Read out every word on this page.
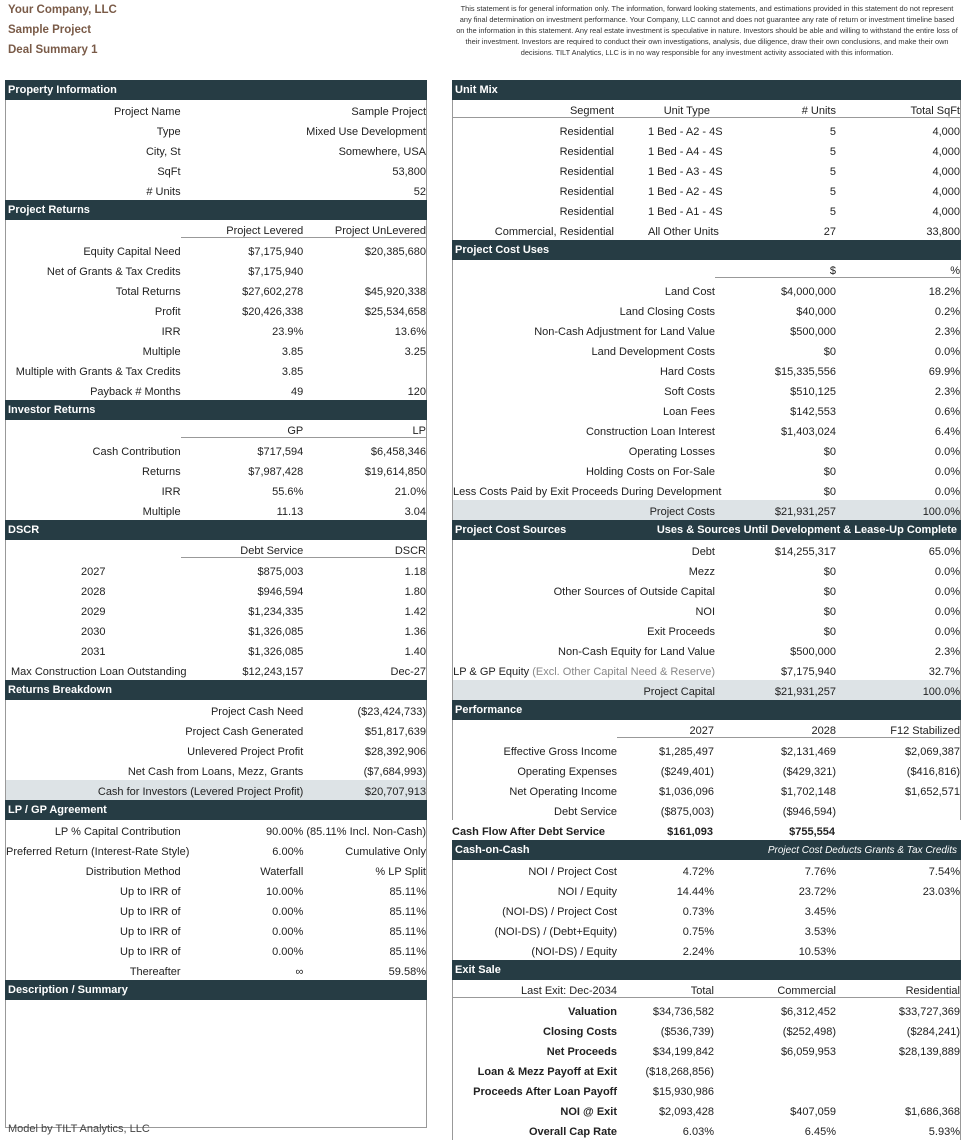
Your Company, LLC
Sample Project
Deal Summary 1
This statement is for general information only. The information, forward looking statements, and estimations provided in this statement do not represent any final determination on investment performance. Your Company, LLC cannot and does not guarantee any rate of return or investment timeline based on the information in this statement. Any real estate investment is speculative in nature. Investors should be able and willing to withstand the entire loss of their investment. Investors are required to conduct their own investigations, analysis, due diligence, draw their own conclusions, and make their own decisions. TILT Analytics, LLC is in no way responsible for any investment activity associated with this information.
Property Information
Project Name	Sample Project
Type	Mixed Use Development
City, St	Somewhere, USA
SqFt	53,800
# Units	52
Project Returns
Project Levered	Project UnLevered
Equity Capital Need	$7,175,940	$20,385,680
Net of Grants & Tax Credits	$7,175,940
Total Returns	$27,602,278	$45,920,338
Profit	$20,426,338	$25,534,658
IRR	23.9%	13.6%
Multiple	3.85	3.25
Multiple with Grants & Tax Credits	3.85
Payback # Months	49	120
Investor Returns
GP	LP
Cash Contribution	$717,594	$6,458,346
Returns	$7,987,428	$19,614,850
IRR	55.6%	21.0%
Multiple	11.13	3.04
DSCR
Debt Service	DSCR
2027	$875,003	1.18
2028	$946,594	1.80
2029	$1,234,335	1.42
2030	$1,326,085	1.36
2031	$1,326,085	1.40
Max Construction Loan Outstanding	$12,243,157	Dec-27
Returns Breakdown
Project Cash Need	($23,424,733)
Project Cash Generated	$51,817,639
Unlevered Project Profit	$28,392,906
Net Cash from Loans, Mezz, Grants	($7,684,993)
Cash for Investors (Levered Project Profit)	$20,707,913
LP / GP Agreement
LP % Capital Contribution	90.00% (85.11% Incl. Non-Cash)
Preferred Return (Interest-Rate Style)	6.00%	Cumulative Only
Distribution Method	Waterfall	% LP Split
Up to IRR of	10.00%	85.11%
Up to IRR of	0.00%	85.11%
Up to IRR of	0.00%	85.11%
Up to IRR of	0.00%	85.11%
Thereafter	∞	59.58%
Description / Summary
Model by TILT Analytics, LLC
Unit Mix
Segment	Unit Type	# Units	Total SqFt
Residential	1 Bed - A2 - 4S	5	4,000
Residential	1 Bed - A4 - 4S	5	4,000
Residential	1 Bed - A3 - 4S	5	4,000
Residential	1 Bed - A2 - 4S	5	4,000
Residential	1 Bed - A1 - 4S	5	4,000
Commercial, Residential	All Other Units	27	33,800
Project Cost Uses
$	%
Land Cost	$4,000,000	18.2%
Land Closing Costs	$40,000	0.2%
Non-Cash Adjustment for Land Value	$500,000	2.3%
Land Development Costs	$0	0.0%
Hard Costs	$15,335,556	69.9%
Soft Costs	$510,125	2.3%
Loan Fees	$142,553	0.6%
Construction Loan Interest	$1,403,024	6.4%
Operating Losses	$0	0.0%
Holding Costs on For-Sale	$0	0.0%
Less Costs Paid by Exit Proceeds During Development	$0	0.0%
Project Costs	$21,931,257	100.0%
Project Cost Sources	Uses & Sources Until Development & Lease-Up Complete
Debt	$14,255,317	65.0%
Mezz	$0	0.0%
Other Sources of Outside Capital	$0	0.0%
NOI	$0	0.0%
Exit Proceeds	$0	0.0%
Non-Cash Equity for Land Value	$500,000	2.3%
LP & GP Equity (Excl. Other Capital Need & Reserve)	$7,175,940	32.7%
Project Capital	$21,931,257	100.0%
Performance
2027	2028	F12 Stabilized
Effective Gross Income	$1,285,497	$2,131,469	$2,069,387
Operating Expenses	($249,401)	($429,321)	($416,816)
Net Operating Income	$1,036,096	$1,702,148	$1,652,571
Debt Service	($875,003)	($946,594)
Cash Flow After Debt Service	$161,093	$755,554
Cash-on-Cash	Project Cost Deducts Grants & Tax Credits
NOI / Project Cost	4.72%	7.76%	7.54%
NOI / Equity	14.44%	23.72%	23.03%
(NOI-DS) / Project Cost	0.73%	3.45%
(NOI-DS) / (Debt+Equity)	0.75%	3.53%
(NOI-DS) / Equity	2.24%	10.53%
Exit Sale
Last Exit: Dec-2034	Total	Commercial	Residential
Valuation	$34,736,582	$6,312,452	$33,727,369
Closing Costs	($536,739)	($252,498)	($284,241)
Net Proceeds	$34,199,842	$6,059,953	$28,139,889
Loan & Mezz Payoff at Exit	($18,268,856)
Proceeds After Loan Payoff	$15,930,986
NOI @ Exit	$2,093,428	$407,059	$1,686,368
Overall Cap Rate	6.03%	6.45%	5.93%
